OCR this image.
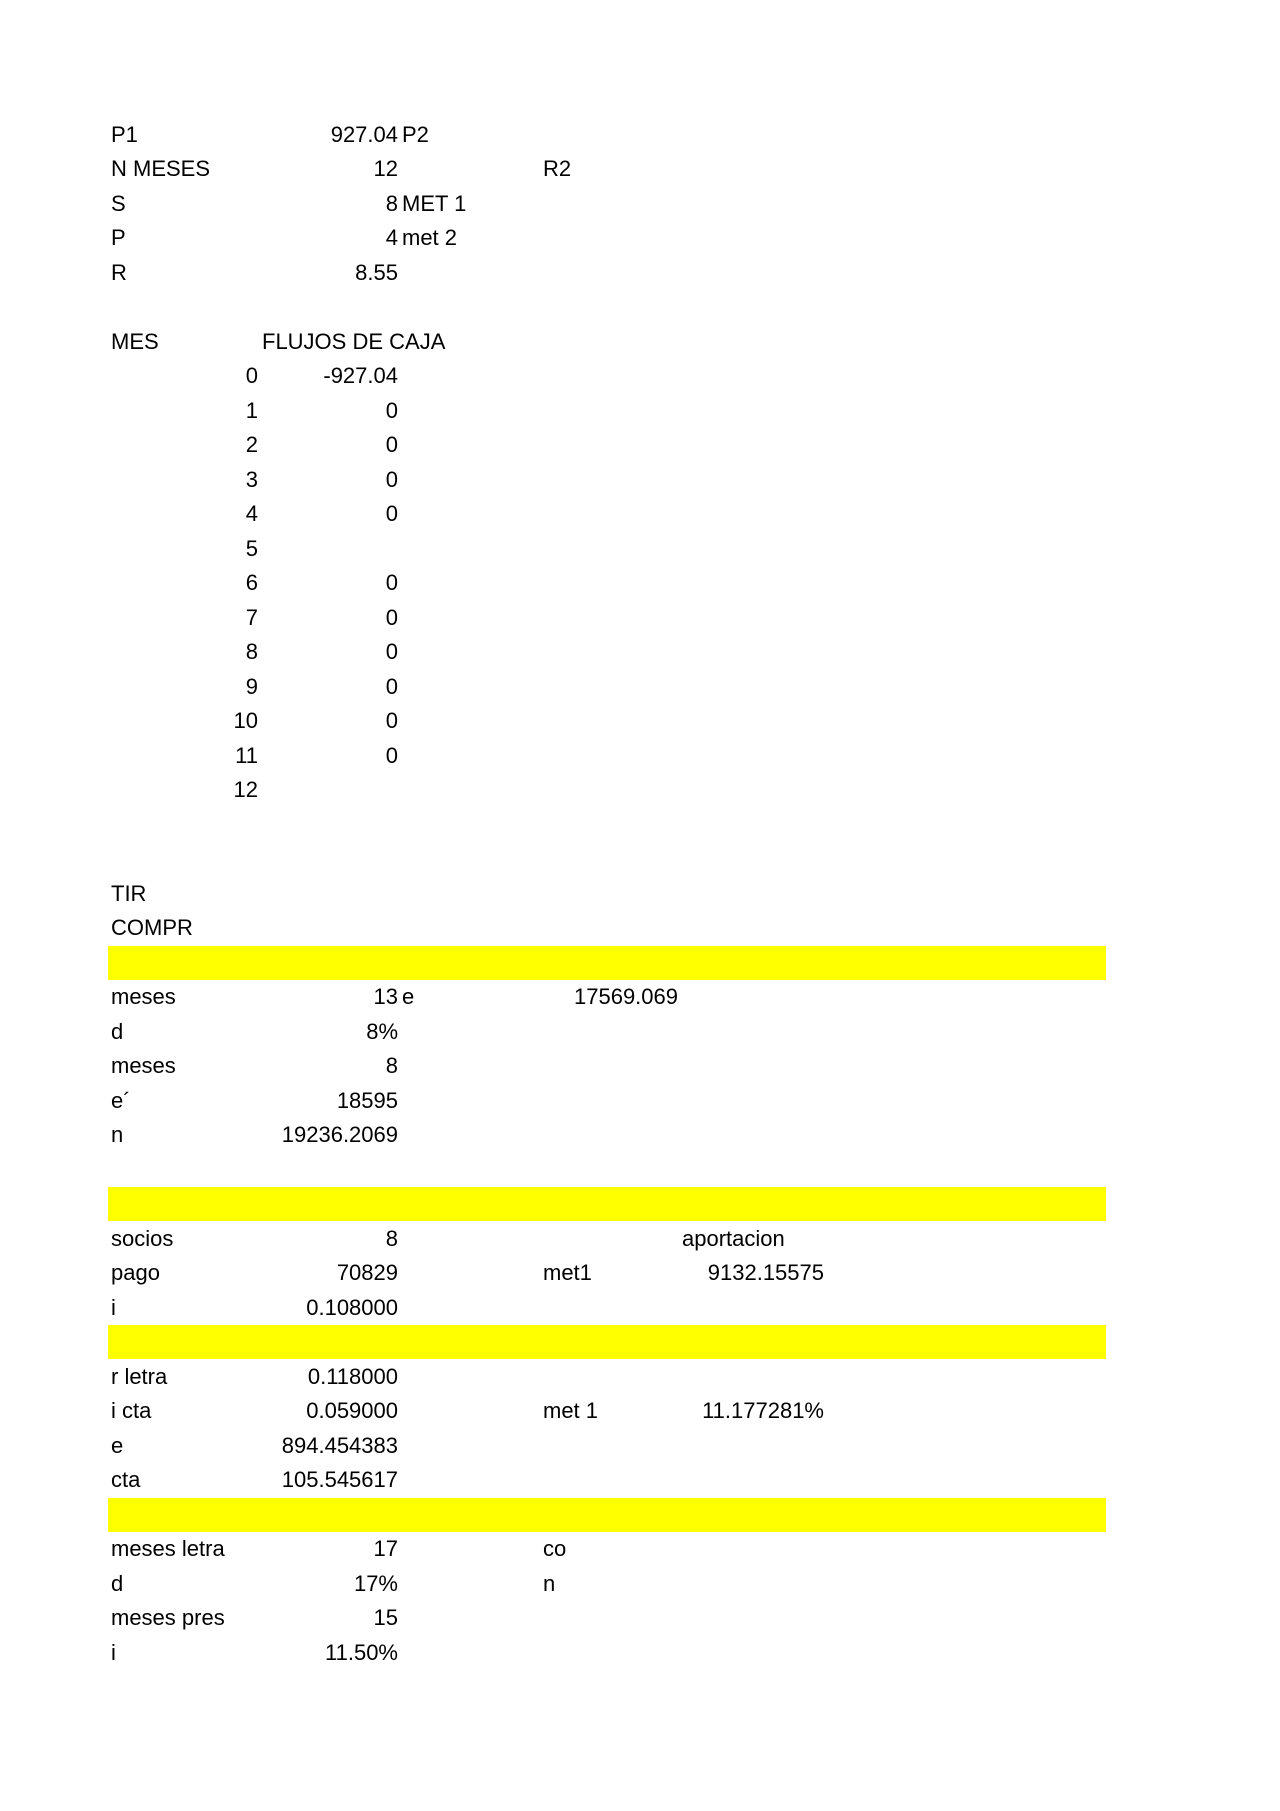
P1	927.04 P2
N MESES	12	R2
S	8 MET 1
P	4 met 2
R	8.55
MES	FLUJOS DE CAJA
0	-927.04
1	0
2	0
3	0
4	0
5
6	0
7	0
8	0
9	0
10	0
11	0
12
TIR
COMPR
meses	13 e	17569.069
d	8%
meses	8
e´	18595
n	19236.2069
socios	8	aportacion
pago	70829	met1	9132.15575
i	0.108000
r letra	0.118000
i cta	0.059000	met 1	11.177281%
e	894.454383
cta	105.545617
meses letra	17	co
d	17%	n
meses pres	15
i	11.50%
